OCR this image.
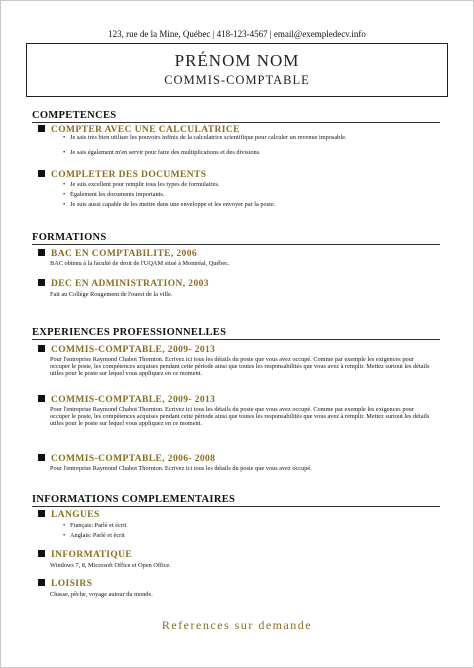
123, rue de la Mine, Québec | 418-123-4567 | email@exempledecv.info
PRÉNOM NOM
COMMIS-COMPTABLE
COMPETENCES
COMPTER AVEC UNE CALCULATRICE
• Je sais très bien utiliser les pouvoirs infinis de la calculatrice scientifique pour calculer un revenue imposable.
• Je sais également m'en servir pour faire des multiplications et des divisions.
COMPLETER DES DOCUMENTS
• Je suis excellent pour remplir tous les types de formulaires.
• Également les documents importants.
• Je suis aussi capable de les mettre dans une enveloppe et les envoyer par la poste.
FORMATIONS
BAC EN COMPTABILITE, 2006
BAC obtenu à la faculté de droit de l'UQAM situé à Montréal, Québec.
DEC EN ADMINISTRATION, 2003
Fait au Collège Rougement de l'ouest de la ville.
EXPERIENCES PROFESSIONNELLES
COMMIS-COMPTABLE, 2009- 2013
Pour l'entreprise Raymond Chabot Thornton. Ecrivez ici tous les détails du poste que vous avez occupé. Comme par exemple les exigences pour occuper le poste, les compétences acquises pendant cette période ainsi que toutes les responsabilités que vous avez à remplir. Mettez surtout les détails utiles pour le poste sur lequel vous appliquez en ce moment.
COMMIS-COMPTABLE, 2009- 2013
Pour l'entreprise Raymond Chabot Thornton. Ecrivez ici tous les détails du poste que vous avez occupé. Comme par exemple les exigences pour occuper le poste, les compétences acquises pendant cette période ainsi que toutes les responsabilités que vous avez à remplir. Mettez surtout les détails utiles pour le poste sur lequel vous appliquez en ce moment.
COMMIS-COMPTABLE, 2006- 2008
Pour l'entreprise Raymond Chabot Thornton. Ecrivez ici tous les détails du poste que vous avez occupé.
INFORMATIONS COMPLEMENTAIRES
LANGUES
• Français: Parlé et écrit
• Anglais: Parlé et écrit
INFORMATIQUE
Windows 7, 8, Microsoft Office et Open Office.
LOISIRS
Chasse, pêche, voyage autour du monde.
References sur demande
